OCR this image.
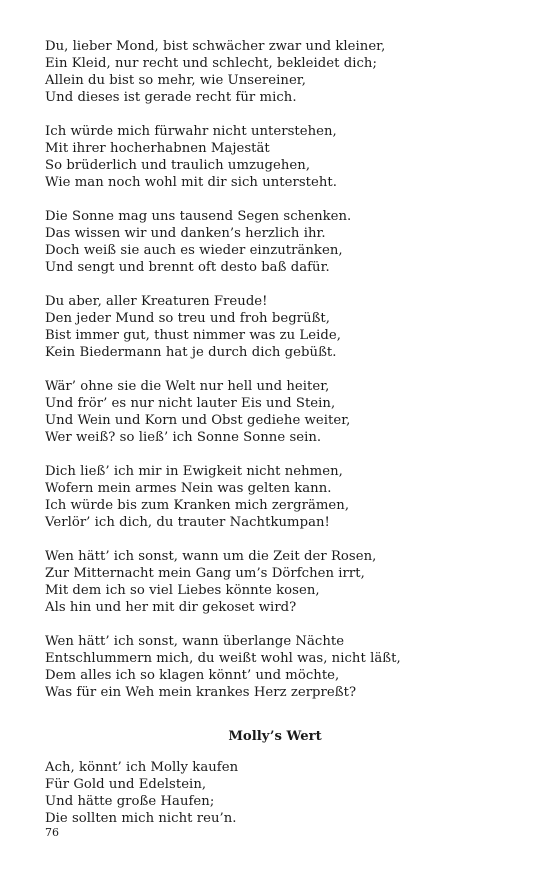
Du, lieber Mond, bist schwächer zwar und kleiner,
Ein Kleid, nur recht und schlecht, bekleidet dich;
Allein du bist so mehr, wie Unsereiner,
Und dieses ist gerade recht für mich.
Ich würde mich fürwahr nicht unterstehen,
Mit ihrer hocherhabnen Majestät
So brüderlich und traulich umzugehen,
Wie man noch wohl mit dir sich untersteht.
Die Sonne mag uns tausend Segen schenken.
Das wissen wir und danken’s herzlich ihr.
Doch weiß sie auch es wieder einzutränken,
Und sengt und brennt oft desto baß dafür.
Du aber, aller Kreaturen Freude!
Den jeder Mund so treu und froh begrüßt,
Bist immer gut, thust nimmer was zu Leide,
Kein Biedermann hat je durch dich gebüßt.
Wär’ ohne sie die Welt nur hell und heiter,
Und frör’ es nur nicht lauter Eis und Stein,
Und Wein und Korn und Obst gediehe weiter,
Wer weiß? so ließ’ ich Sonne Sonne sein.
Dich ließ’ ich mir in Ewigkeit nicht nehmen,
Wofern mein armes Nein was gelten kann.
Ich würde bis zum Kranken mich zergrämen,
Verlör’ ich dich, du trauter Nachtkumpan!
Wen hätt’ ich sonst, wann um die Zeit der Rosen,
Zur Mitternacht mein Gang um’s Dörfchen irrt,
Mit dem ich so viel Liebes könnte kosen,
Als hin und her mit dir gekoset wird?
Wen hätt’ ich sonst, wann überlange Nächte
Entschlummern mich, du weißt wohl was, nicht läßt,
Dem alles ich so klagen könnt’ und möchte,
Was für ein Weh mein krankes Herz zerpreßt?
Molly’s Wert
Ach, könnt’ ich Molly kaufen
Für Gold und Edelstein,
Und hätte große Haufen;
Die sollten mich nicht reu’n.
76
